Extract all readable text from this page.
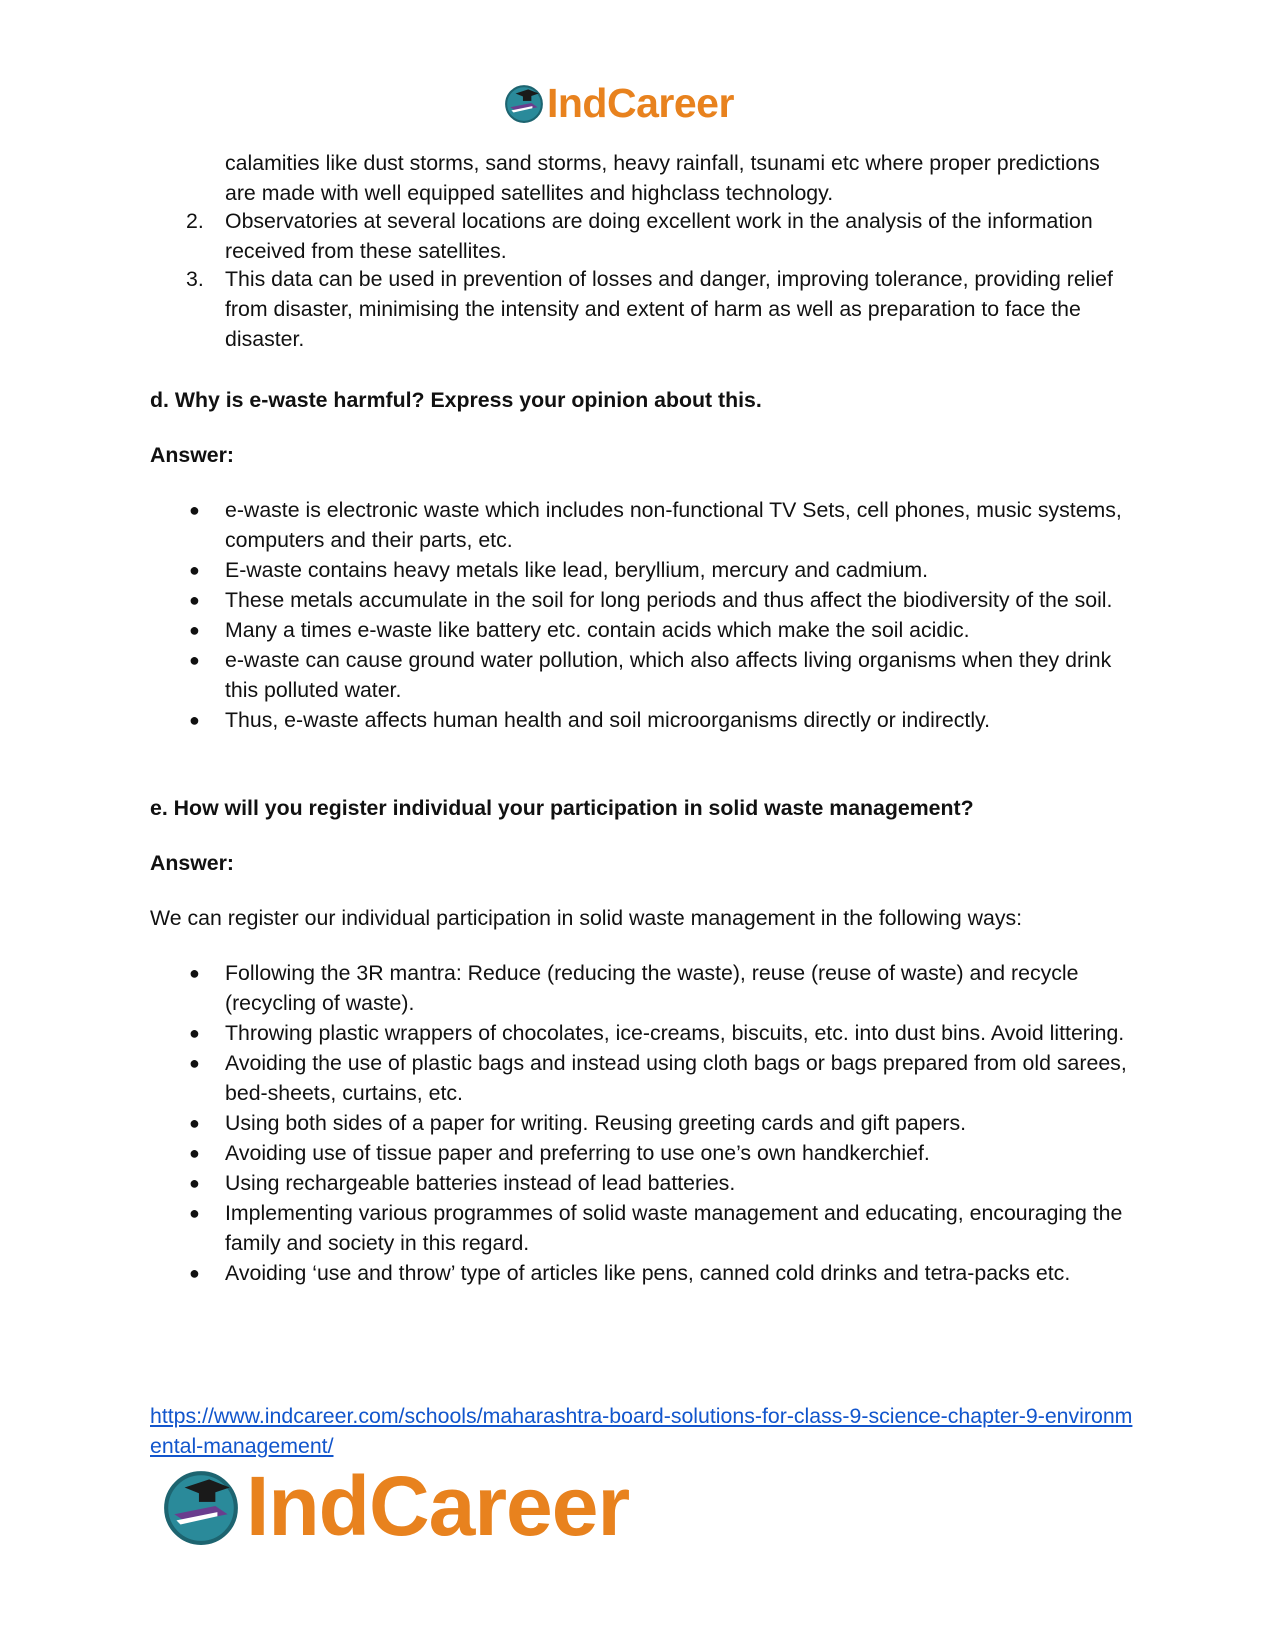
IndCareer
calamities like dust storms, sand storms, heavy rainfall, tsunami etc where proper predictions are made with well equipped satellites and highclass technology.
2. Observatories at several locations are doing excellent work in the analysis of the information received from these satellites.
3. This data can be used in prevention of losses and danger, improving tolerance, providing relief from disaster, minimising the intensity and extent of harm as well as preparation to face the disaster.
d. Why is e-waste harmful? Express your opinion about this.
Answer:
● e-waste is electronic waste which includes non-functional TV Sets, cell phones, music systems, computers and their parts, etc.
● E-waste contains heavy metals like lead, beryllium, mercury and cadmium.
● These metals accumulate in the soil for long periods and thus affect the biodiversity of the soil.
● Many a times e-waste like battery etc. contain acids which make the soil acidic.
● e-waste can cause ground water pollution, which also affects living organisms when they drink this polluted water.
● Thus, e-waste affects human health and soil microorganisms directly or indirectly.
e. How will you register individual your participation in solid waste management?
Answer:
We can register our individual participation in solid waste management in the following ways:
● Following the 3R mantra: Reduce (reducing the waste), reuse (reuse of waste) and recycle (recycling of waste).
● Throwing plastic wrappers of chocolates, ice-creams, biscuits, etc. into dust bins. Avoid littering.
● Avoiding the use of plastic bags and instead using cloth bags or bags prepared from old sarees, bed-sheets, curtains, etc.
● Using both sides of a paper for writing. Reusing greeting cards and gift papers.
● Avoiding use of tissue paper and preferring to use one’s own handkerchief.
● Using rechargeable batteries instead of lead batteries.
● Implementing various programmes of solid waste management and educating, encouraging the family and society in this regard.
● Avoiding ‘use and throw’ type of articles like pens, canned cold drinks and tetra-packs etc.
https://www.indcareer.com/schools/maharashtra-board-solutions-for-class-9-science-chapter-9-environmental-management/
IndCareer
